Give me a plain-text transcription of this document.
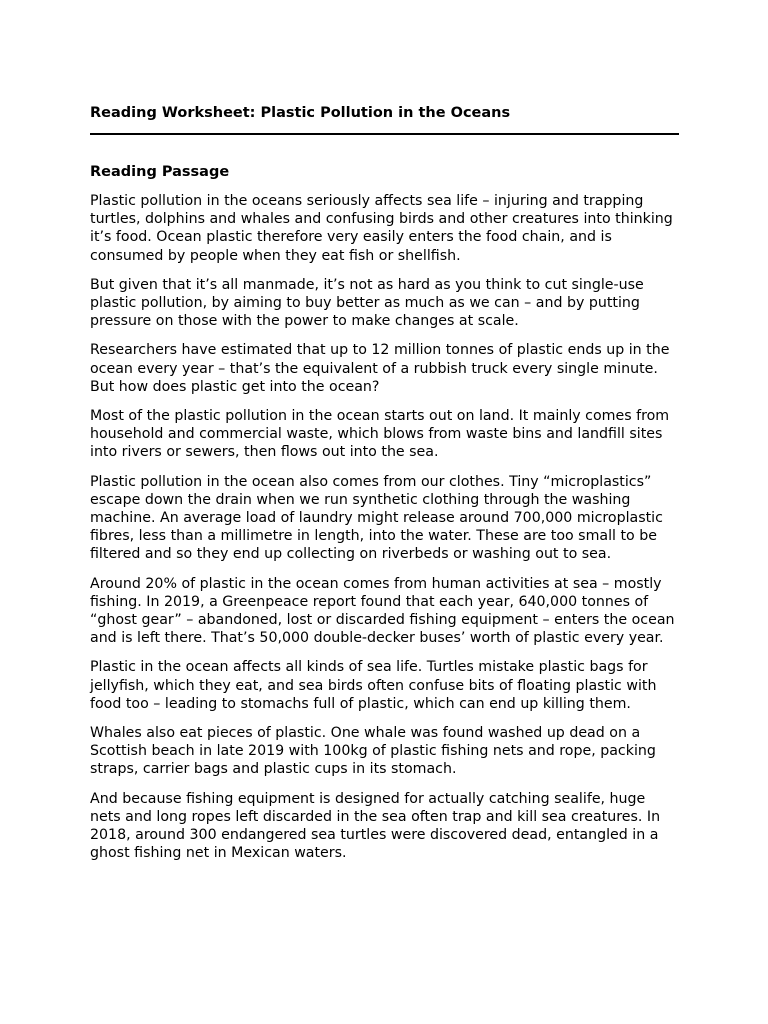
Reading Worksheet: Plastic Pollution in the Oceans
Reading Passage

Plastic pollution in the oceans seriously affects sea life – injuring and trapping turtles, dolphins and whales and confusing birds and other creatures into thinking it’s food. Ocean plastic therefore very easily enters the food chain, and is consumed by people when they eat fish or shellfish.

But given that it’s all manmade, it’s not as hard as you think to cut single-use plastic pollution, by aiming to buy better as much as we can – and by putting pressure on those with the power to make changes at scale.

Researchers have estimated that up to 12 million tonnes of plastic ends up in the ocean every year – that’s the equivalent of a rubbish truck every single minute. But how does plastic get into the ocean?

Most of the plastic pollution in the ocean starts out on land. It mainly comes from household and commercial waste, which blows from waste bins and landfill sites into rivers or sewers, then flows out into the sea.

Plastic pollution in the ocean also comes from our clothes. Tiny “microplastics” escape down the drain when we run synthetic clothing through the washing machine. An average load of laundry might release around 700,000 microplastic fibres, less than a millimetre in length, into the water. These are too small to be filtered and so they end up collecting on riverbeds or washing out to sea.

Around 20% of plastic in the ocean comes from human activities at sea – mostly fishing. In 2019, a Greenpeace report found that each year, 640,000 tonnes of “ghost gear” – abandoned, lost or discarded fishing equipment – enters the ocean and is left there. That’s 50,000 double-decker buses’ worth of plastic every year.

Plastic in the ocean affects all kinds of sea life. Turtles mistake plastic bags for jellyfish, which they eat, and sea birds often confuse bits of floating plastic with food too – leading to stomachs full of plastic, which can end up killing them.

Whales also eat pieces of plastic. One whale was found washed up dead on a Scottish beach in late 2019 with 100kg of plastic fishing nets and rope, packing straps, carrier bags and plastic cups in its stomach.

And because fishing equipment is designed for actually catching sealife, huge nets and long ropes left discarded in the sea often trap and kill sea creatures. In 2018, around 300 endangered sea turtles were discovered dead, entangled in a ghost fishing net in Mexican waters.
